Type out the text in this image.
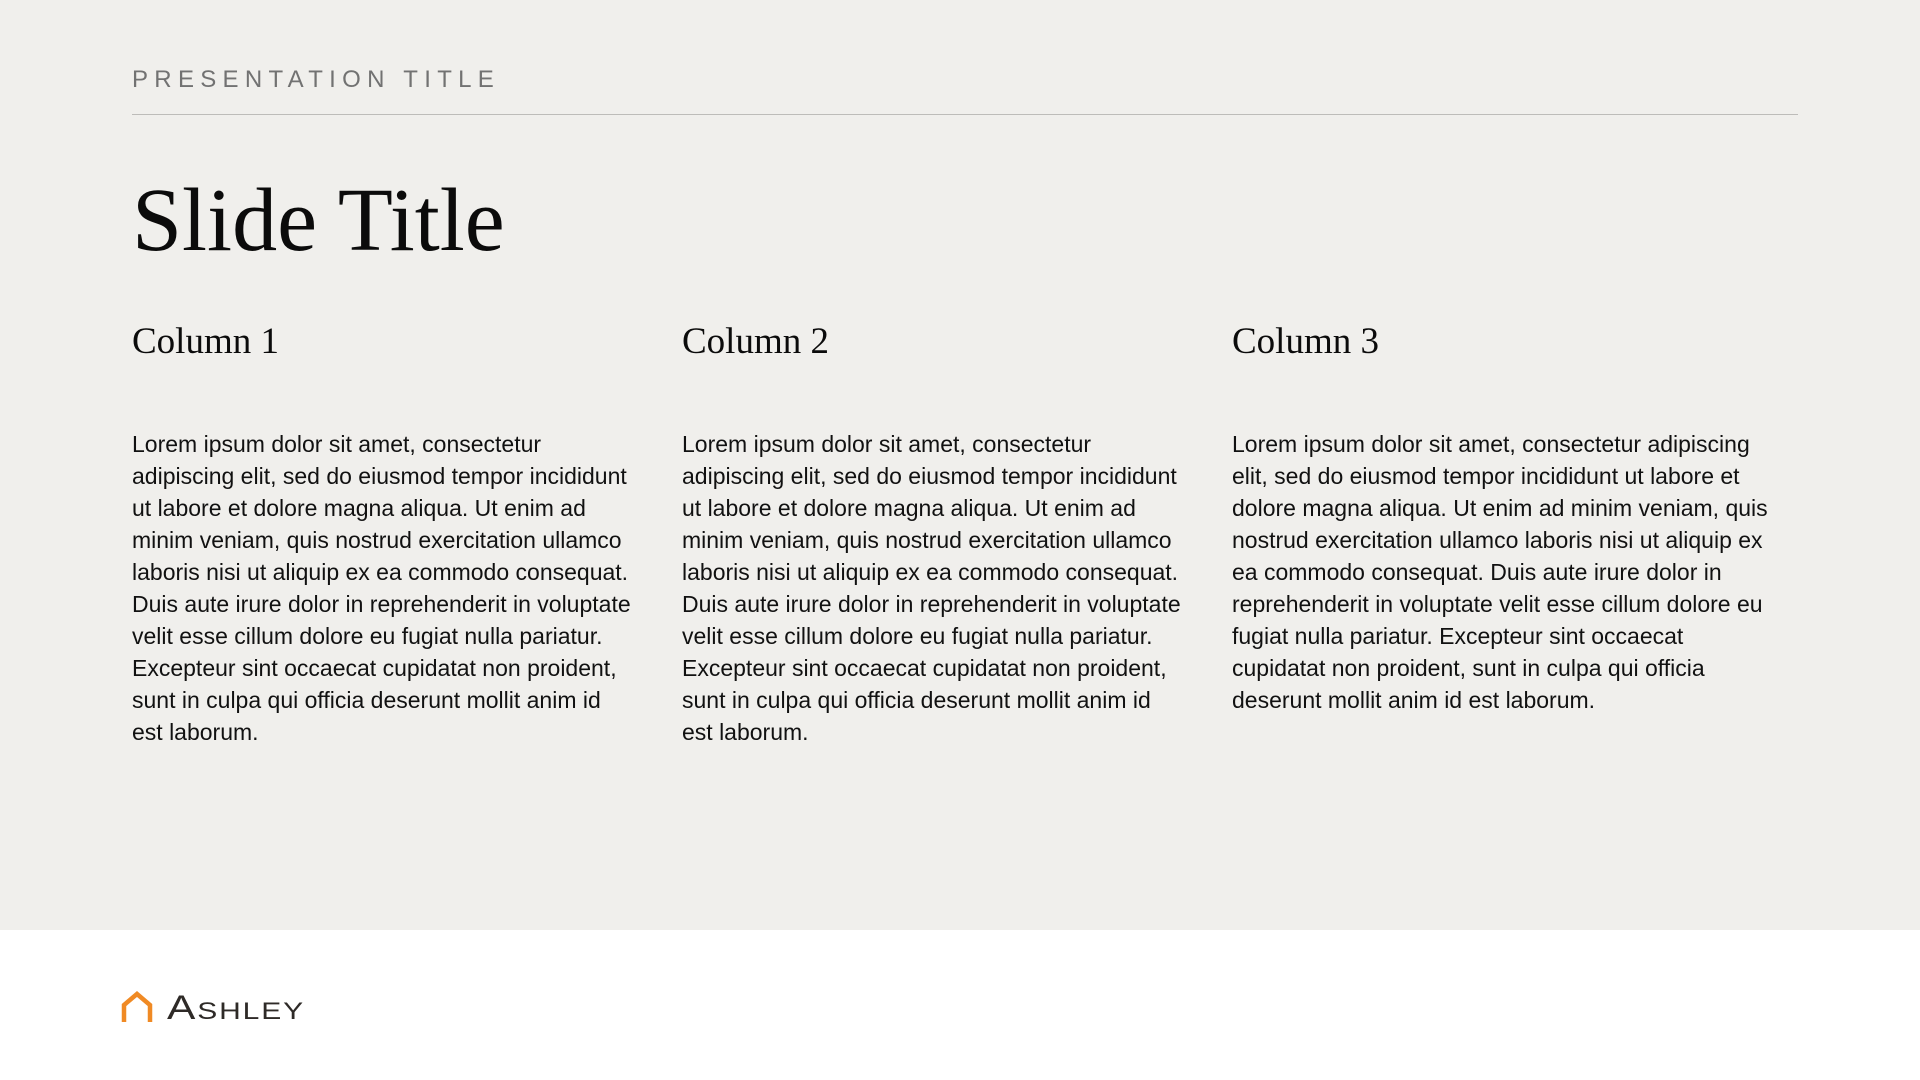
PRESENTATION TITLE
Slide Title
Column 1

Lorem ipsum dolor sit amet, consectetur adipiscing elit, sed do eiusmod tempor incididunt ut labore et dolore magna aliqua. Ut enim ad minim veniam, quis nostrud exercitation ullamco laboris nisi ut aliquip ex ea commodo consequat. Duis aute irure dolor in reprehenderit in voluptate velit esse cillum dolore eu fugiat nulla pariatur. Excepteur sint occaecat cupidatat non proident, sunt in culpa qui officia deserunt mollit anim id est laborum.

Column 2

Lorem ipsum dolor sit amet, consectetur adipiscing elit, sed do eiusmod tempor incididunt ut labore et dolore magna aliqua. Ut enim ad minim veniam, quis nostrud exercitation ullamco laboris nisi ut aliquip ex ea commodo consequat. Duis aute irure dolor in reprehenderit in voluptate velit esse cillum dolore eu fugiat nulla pariatur. Excepteur sint occaecat cupidatat non proident, sunt in culpa qui officia deserunt mollit anim id est laborum.

Column 3

Lorem ipsum dolor sit amet, consectetur adipiscing elit, sed do eiusmod tempor incididunt ut labore et dolore magna aliqua. Ut enim ad minim veniam, quis nostrud exercitation ullamco laboris nisi ut aliquip ex ea commodo consequat. Duis aute irure dolor in reprehenderit in voluptate velit esse cillum dolore eu fugiat nulla pariatur. Excepteur sint occaecat cupidatat non proident, sunt in culpa qui officia deserunt mollit anim id est laborum.

Ashley
